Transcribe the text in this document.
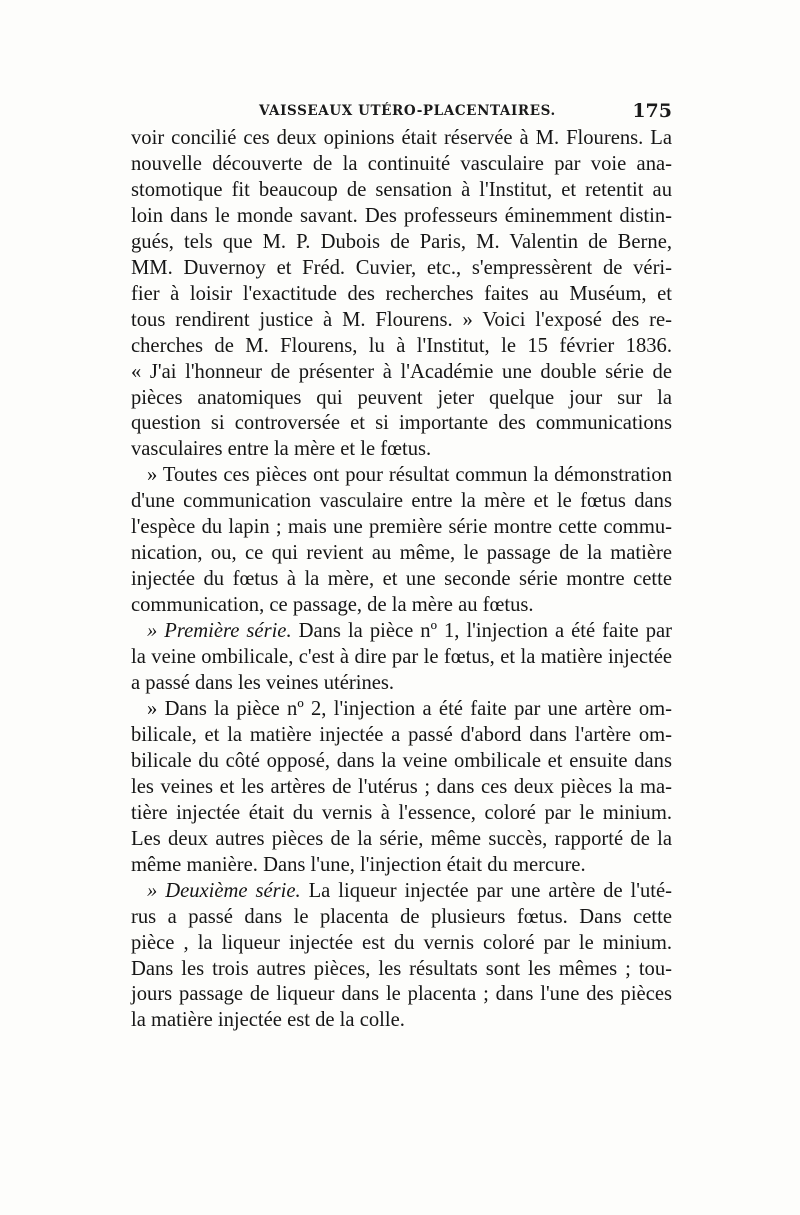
VAISSEAUX UTÉRO-PLACENTAIRES.	175
voir concilié ces deux opinions était réservée à M. Flourens. La
nouvelle découverte de la continuité vasculaire par voie ana-
stomotique fit beaucoup de sensation à l'Institut, et retentit au
loin dans le monde savant. Des professeurs éminemment distin-
gués, tels que M. P. Dubois de Paris, M. Valentin de Berne,
MM. Duvernoy et Fréd. Cuvier, etc., s'empressèrent de véri-
fier à loisir l'exactitude des recherches faites au Muséum, et
tous rendirent justice à M. Flourens. » Voici l'exposé des re-
cherches de M. Flourens, lu à l'Institut, le 15 février 1836.
« J'ai l'honneur de présenter à l'Académie une double série de
pièces anatomiques qui peuvent jeter quelque jour sur la
question si controversée et si importante des communications
vasculaires entre la mère et le fœtus.
» Toutes ces pièces ont pour résultat commun la démonstration
d'une communication vasculaire entre la mère et le fœtus dans
l'espèce du lapin ; mais une première série montre cette commu-
nication, ou, ce qui revient au même, le passage de la matière
injectée du fœtus à la mère, et une seconde série montre cette
communication, ce passage, de la mère au fœtus.
» Première série. Dans la pièce nº 1, l'injection a été faite par
la veine ombilicale, c'est à dire par le fœtus, et la matière injectée
a passé dans les veines utérines.
» Dans la pièce nº 2, l'injection a été faite par une artère om-
bilicale, et la matière injectée a passé d'abord dans l'artère om-
bilicale du côté opposé, dans la veine ombilicale et ensuite dans
les veines et les artères de l'utérus ; dans ces deux pièces la ma-
tière injectée était du vernis à l'essence, coloré par le minium.
Les deux autres pièces de la série, même succès, rapporté de la
même manière. Dans l'une, l'injection était du mercure.
» Deuxième série. La liqueur injectée par une artère de l'uté-
rus a passé dans le placenta de plusieurs fœtus. Dans cette
pièce , la liqueur injectée est du vernis coloré par le minium.
Dans les trois autres pièces, les résultats sont les mêmes ; tou-
jours passage de liqueur dans le placenta ; dans l'une des pièces
la matière injectée est de la colle.
